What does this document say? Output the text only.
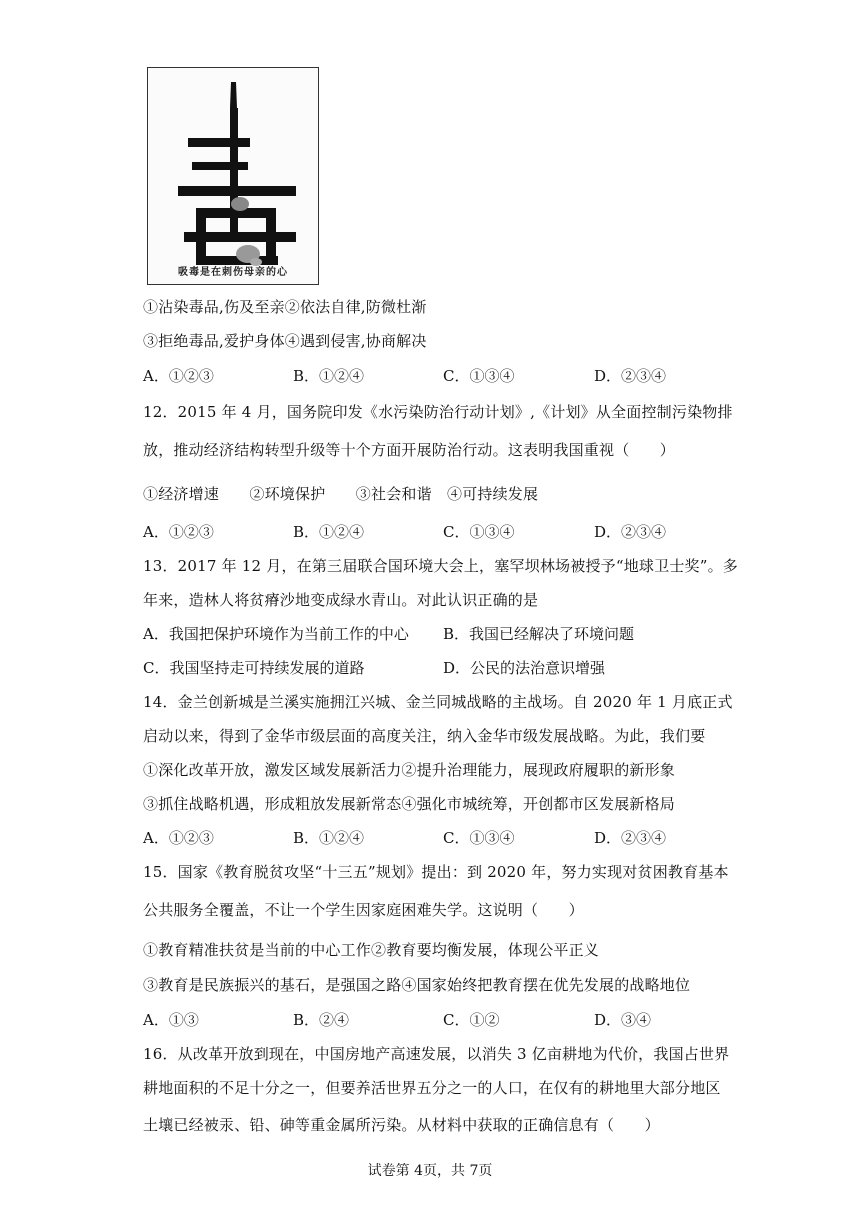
吸毒是在刺伤母亲的心
①沾染毒品,伤及至亲②依法自律,防微杜渐
③拒绝毒品,爱护身体④遇到侵害,协商解决
A．①②③	B．①②④	C．①③④	D．②③④
12．2015 年 4 月，国务院印发《水污染防治行动计划》,《计划》从全面控制污染物排
放，推动经济结构转型升级等十个方面开展防治行动。这表明我国重视（　　）
①经济增速　　②环境保护　　③社会和谐　④可持续发展
A．①②③	B．①②④	C．①③④	D．②③④
13．2017 年 12 月，在第三届联合国环境大会上，塞罕坝林场被授予“地球卫士奖”。多
年来，造林人将贫瘠沙地变成绿水青山。对此认识正确的是
A．我国把保护环境作为当前工作的中心 B．我国已经解决了环境问题
C．我国坚持走可持续发展的道路	D．公民的法治意识增强
14．金兰创新城是兰溪实施拥江兴城、金兰同城战略的主战场。自 2020 年 1 月底正式
启动以来，得到了金华市级层面的高度关注，纳入金华市级发展战略。为此，我们要
①深化改革开放，激发区域发展新活力②提升治理能力，展现政府履职的新形象
③抓住战略机遇，形成粗放发展新常态④强化市城统筹，开创都市区发展新格局
A．①②③	B．①②④	C．①③④	D．②③④
15．国家《教育脱贫攻坚“十三五”规划》提出：到 2020 年，努力实现对贫困教育基本
公共服务全覆盖，不让一个学生因家庭困难失学。这说明（　　）
①教育精准扶贫是当前的中心工作②教育要均衡发展，体现公平正义
③教育是民族振兴的基石，是强国之路④国家始终把教育摆在优先发展的战略地位
A．①③	B．②④	C．①②	D．③④
16．从改革开放到现在，中国房地产高速发展，以消失 3 亿亩耕地为代价，我国占世界
耕地面积的不足十分之一，但要养活世界五分之一的人口，在仅有的耕地里大部分地区
土壤已经被汞、铅、砷等重金属所污染。从材料中获取的正确信息有（　　）
试卷第 4页，共 7页
